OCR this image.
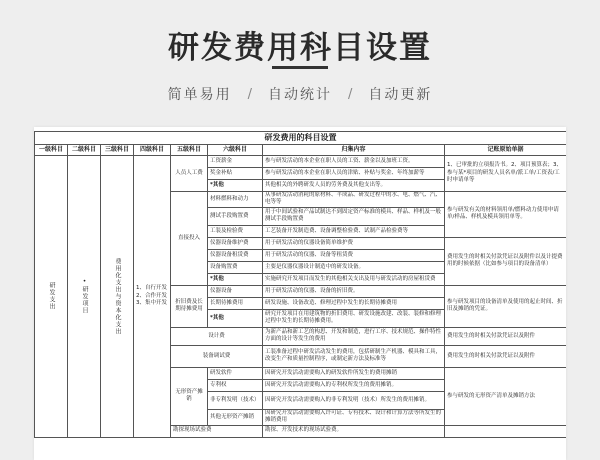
研发费用科目设置
简单易用 / 自动统计 / 自动更新
研发费用的科目设置							
一级科目	二级科目	三级科目	四级科目	五级科目	六级科目	归集内容	记账原始单据

研发支出	•研发项目	费用化支出与资本化支出	1、自行开发
2、合作开发
3、集中开发	人员人工费	工资薪金	参与研发活动的本企业在职人员的工资、薪金以及加班工资。	1、已审批的立项报告书。2、项目预算表；3、参与某*项目的研发人员名单/派工单/工资表/工时申请单等
					奖金补贴	参与研发活动的本企业在职人员的津贴、补贴与奖金、年终加薪等	
					*其他	其他相关的外聘研发人员的劳务费及其他支出等。	
				直接投入	材料燃料和动力	从事研发活动消耗的原材料、半成品、研发过程中的水、电、燃气、汽、电等等	参与研发有关的材料领用单/燃料动力使用申请单/样品、样机及模具领用单等。
					测试手段购置费	用于中间试验和产品试制达不到固定资产标准的模具、样品、样机及一般测试手段购置费	
					工装及检验费	工艺装备开发制造费、设备调整检验费、试制产品检验费等	
					仪器设备维护费	用于研发活动的仪器设备简单维护费	费用发生的时相关付款凭证以及附件以及计提费用的时候依据（比如参与项目的设备清单）
					仪器设备租赁费	用于研发活动的仪器、设备等租赁费	
					设备购置费	主要是仪器仪器设计制造中的研发设备。	
					*其他	实施研究开发项目而发生的其他相关支出及用与研发活动的房屋租赁费	
				折旧费及长期待摊费用	仪器设备	用于研发活动的仪器、设备的折旧费。	参与研发项目的设备清单及使用的起止时间、折旧及摊销的凭证。
					长期待摊费用	研发设施、设备改造、修理过程中发生的长期待摊费用	
					*其他	研究开发项目在用建筑物的折旧费用、研发设施改建、改装、装修和修理过程中发生的长期待摊费用。	
				设计费		为新产品和新工艺的构思、开发和制造，进行工序、技术规范、操作特性方面的设计等发生的费用	费用发生的时相关付款凭证以及附件
				装备调试费		工装准备过程中研发活动发生的费用，包括研制生产机器、模具和工具，改变生产和质量控制程序，或制定新方法及标准等	费用发生的时相关付款凭证以及附件
				无形资产摊销	研发软件	因研究开发活动需要购入的研发软件所发生的费用摊销	参与研发的无形资产清单及摊销方法
					专利权	因研究开发活动需要购入的专利权所发生的费用摊销。	
					非专利发明（技术）	因研究开发活动需要购入的非专利发明（技术）所发生的费用摊销。	
					其他无形资产摊销	因研究开发活动需要购入许可证、专有技术、设计和计算方法等所发生的摊销费用	
				勘探现场试验费		勘探、开发技术的现场试验费。	
